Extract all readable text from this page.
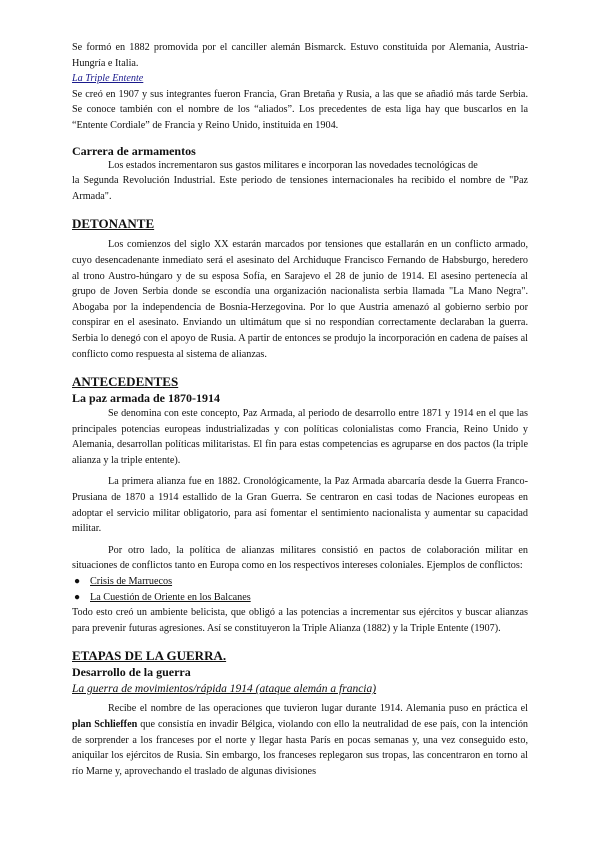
Se formó en 1882 promovida por el canciller alemán Bismarck. Estuvo constituida por Alemania, Austria-Hungría e Italia.

La Triple Entente

Se creó en 1907 y sus integrantes fueron Francia, Gran Bretaña y Rusia, a las que se añadió más tarde Serbia. Se conoce también con el nombre de los “aliados”. Los precedentes de esta liga hay que buscarlos en la “Entente Cordiale” de Francia y Reino Unido, instituida en 1904.

Carrera de armamentos

Los estados incrementaron sus gastos militares e incorporan las novedades tecnológicas de

la Segunda Revolución Industrial. Este periodo de tensiones internacionales ha recibido el nombre de "Paz Armada".

DETONANTE

Los comienzos del siglo XX estarán marcados por tensiones que estallarán en un conflicto armado, cuyo desencadenante inmediato será el asesinato del Archiduque Francisco Fernando de Habsburgo, heredero al trono Austro-húngaro y de su esposa Sofía, en Sarajevo el 28 de junio de 1914. El asesino pertenecía al grupo de Joven Serbia donde se escondía una organización nacionalista serbia llamada "La Mano Negra". Abogaba por la independencia de Bosnia-Herzegovina. Por lo que Austria amenazó al gobierno serbio por conspirar en el asesinato. Enviando un ultimátum que si no respondían correctamente declaraban la guerra. Serbia lo denegó con el apoyo de Rusia. A partir de entonces se produjo la incorporación en cadena de países al conflicto como respuesta al sistema de alianzas.

ANTECEDENTES
La paz armada de 1870-1914

Se denomina con este concepto, Paz Armada, al periodo de desarrollo entre 1871 y 1914 en el que las principales potencias europeas industrializadas y con políticas colonialistas como Francia, Reino Unido y Alemania, desarrollan políticas militaristas. El fin para estas competencias es agruparse en dos pactos (la triple alianza y la triple entente).

La primera alianza fue en 1882. Cronológicamente, la Paz Armada abarcaría desde la Guerra Franco-Prusiana de 1870 a 1914 estallido de la Gran Guerra. Se centraron en casi todas de Naciones europeas en adoptar el servicio militar obligatorio, para así fomentar el sentimiento nacionalista y aumentar su capacidad militar.

Por otro lado, la política de alianzas militares consistió en pactos de colaboración militar en situaciones de conflictos tanto en Europa como en los respectivos intereses coloniales. Ejemplos de conflictos:

● Crisis de Marruecos
● La Cuestión de Oriente en los Balcanes

Todo esto creó un ambiente belicista, que obligó a las potencias a incrementar sus ejércitos y buscar alianzas para prevenir futuras agresiones. Así se constituyeron la Triple Alianza (1882) y la Triple Entente (1907).

ETAPAS DE LA GUERRA.
Desarrollo de la guerra
La guerra de movimientos/rápida 1914 (ataque alemán a francia)

Recibe el nombre de las operaciones que tuvieron lugar durante 1914. Alemania puso en práctica el plan Schlieffen que consistía en invadir Bélgica, violando con ello la neutralidad de ese país, con la intención de sorprender a los franceses por el norte y llegar hasta París en pocas semanas y, una vez conseguido esto, aniquilar los ejércitos de Rusia. Sin embargo, los franceses replegaron sus tropas, las concentraron en torno al río Marne y, aprovechando el traslado de algunas divisiones
